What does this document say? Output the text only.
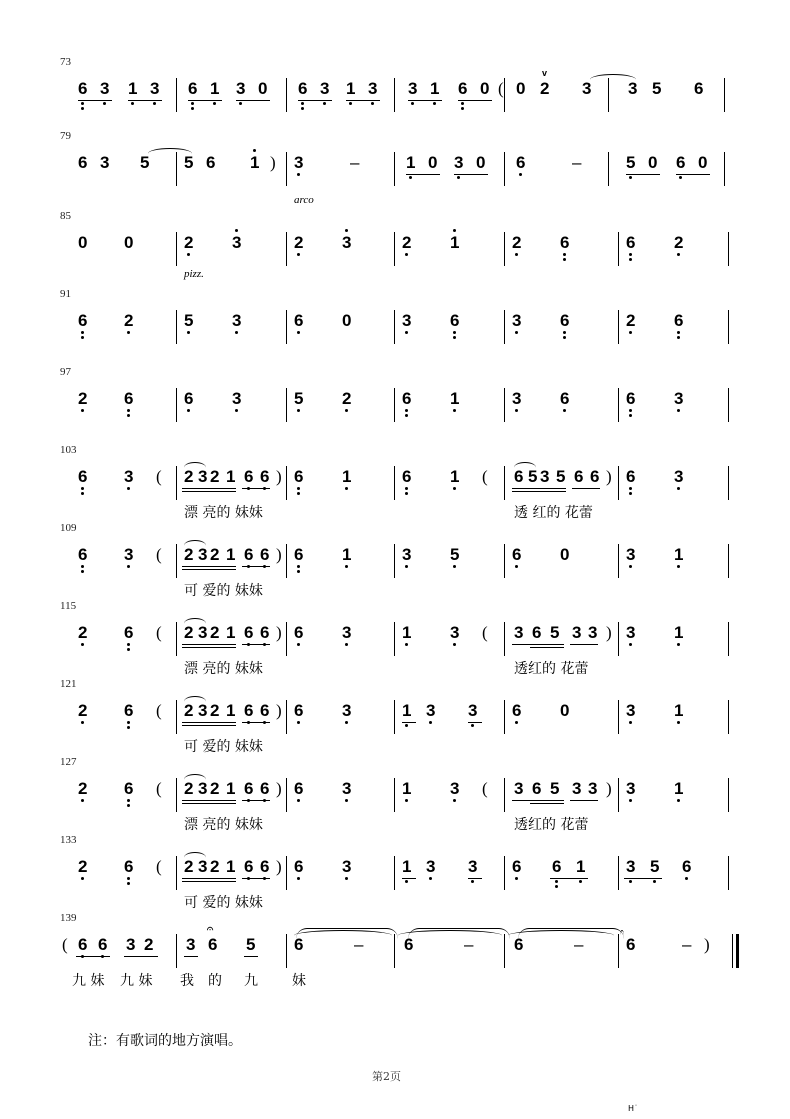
73
6 3 1 3 6 1 3 0 6 3 1 3 3 1 6 0 ( 0 2
v
3 3 5 6
79
6 3 5 5 6 1 ) 3	–	1 0 3 0 6	–	5 0 6 0
arco
85
0 0	2 3	2 3	2 1	2 6	6 2
pizz.
91
6 2	5 3	6 0	3 6	3 6	2 6
97
2 6	6 3	5 2	6 1	3 6	6 3
103
6 3 ( 2 3 2 1 6 6 ) 6 1	6 1 ( 6 5 3 5 6 6 ) 6 3
漂 亮的 妹妹	透 红的 花蕾
109
6 3 ( 2 3 2 1 6 6 ) 6 1	3 5	6 0	3 1
可 爱的 妹妹
115
2 6 ( 2 3 2 1 6 6 ) 6 3	1 3 ( 3 6 5 3 3 ) 3 1
漂 亮的 妹妹	透红的 花蕾
121
2 6 ( 2 3 2 1 6 6 ) 6 3	1 3 3 6 0	3 1
可 爱的 妹妹
127
2 6 ( 2 3 2 1 6 6 ) 6 3	1 3 ( 3 6 5 3 3 ) 3 1
漂 亮的 妹妹	透红的 花蕾
133
2 6 ( 2 3 2 1 6 6 ) 6 3	1 3 3 6 6 1 3 5 6
可 爱的 妹妹
139
( 6 6 3 2 3 6
𝄐
5 6	– 6	– 6	–	6	– )
九 妹 九 妹 我 的 九 妹
注：有歌词的地方演唱。
第2页
H˙
